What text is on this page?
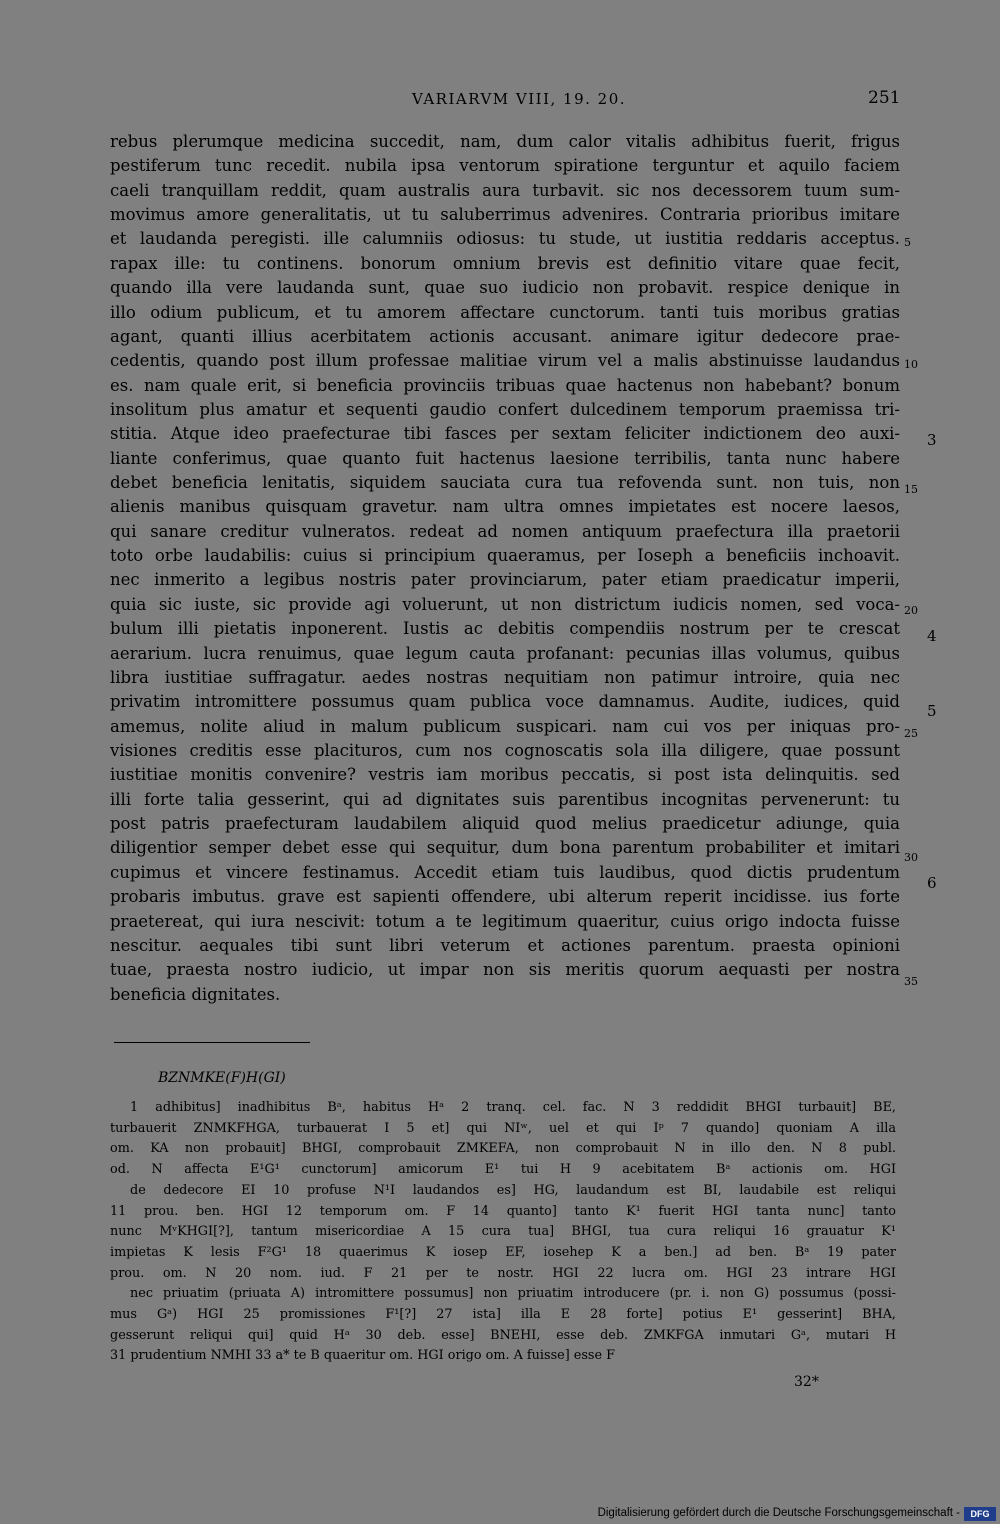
VARIARVM VIII, 19. 20.	251
rebus plerumque medicina succedit, nam, dum calor vitalis adhibitus fuerit, frigus
pestiferum tunc recedit. nubila ipsa ventorum spiratione terguntur et aquilo faciem
caeli tranquillam reddit, quam australis aura turbavit. sic nos decessorem tuum sum-
movimus amore generalitatis, ut tu saluberrimus advenires. Contraria prioribus imitare
et laudanda peregisti. ille calumniis odiosus: tu stude, ut iustitia reddaris acceptus.
rapax ille: tu continens. bonorum omnium brevis est definitio vitare quae fecit,
quando illa vere laudanda sunt, quae suo iudicio non probavit. respice denique in
illo odium publicum, et tu amorem affectare cunctorum. tanti tuis moribus gratias
agant, quanti illius acerbitatem actionis accusant. animare igitur dedecore prae-
cedentis, quando post illum professae malitiae virum vel a malis abstinuisse laudandus
es. nam quale erit, si beneficia provinciis tribuas quae hactenus non habebant? bonum
insolitum plus amatur et sequenti gaudio confert dulcedinem temporum praemissa tri-
stitia. Atque ideo praefecturae tibi fasces per sextam feliciter indictionem deo auxi-
liante conferimus, quae quanto fuit hactenus laesione terribilis, tanta nunc habere
debet beneficia lenitatis, siquidem sauciata cura tua refovenda sunt. non tuis, non
alienis manibus quisquam gravetur. nam ultra omnes impietates est nocere laesos,
qui sanare creditur vulneratos. redeat ad nomen antiquum praefectura illa praetorii
toto orbe laudabilis: cuius si principium quaeramus, per Ioseph a beneficiis inchoavit.
nec inmerito a legibus nostris pater provinciarum, pater etiam praedicatur imperii,
quia sic iuste, sic provide agi voluerunt, ut non districtum iudicis nomen, sed voca-
bulum illi pietatis inponerent. Iustis ac debitis compendiis nostrum per te crescat
aerarium. lucra renuimus, quae legum cauta profanant: pecunias illas volumus, quibus
libra iustitiae suffragatur. aedes nostras nequitiam non patimur introire, quia nec
privatim intromittere possumus quam publica voce damnamus. Audite, iudices, quid
amemus, nolite aliud in malum publicum suspicari. nam cui vos per iniquas pro-
visiones creditis esse placituros, cum nos cognoscatis sola illa diligere, quae possunt
iustitiae monitis convenire? vestris iam moribus peccatis, si post ista delinquitis. sed
illi forte talia gesserint, qui ad dignitates suis parentibus incognitas pervenerunt: tu
post patris praefecturam laudabilem aliquid quod melius praedicetur adiunge, quia
diligentior semper debet esse qui sequitur, dum bona parentum probabiliter et imitari
cupimus et vincere festinamus. Accedit etiam tuis laudibus, quod dictis prudentum
probaris imbutus. grave est sapienti offendere, ubi alterum reperit incidisse. ius forte
praetereat, qui iura nescivit: totum a te legitimum quaeritur, cuius origo indocta fuisse
nescitur. aequales tibi sunt libri veterum et actiones parentum. praesta opinioni
tuae, praesta nostro iudicio, ut impar non sis meritis quorum aequasti per nostra
beneficia dignitates.
5
10
15
20
25
30
35
3
4
5
6
BZNMKE(F)H(GI)
1 adhibitus] inadhibitus Bᵃ, habitus Hᵃ 2 tranq. cel. fac. N 3 reddidit BHGI turbauit] BE,
turbauerit ZNMKFHGA, turbauerat I 5 et] qui NIʷ, uel et qui Iᵖ 7 quando] quoniam A illa
om. KA non probauit] BHGI, comprobauit ZMKEFA, non comprobauit N in illo den. N 8 publ.
od. N affecta E¹G¹ cunctorum] amicorum E¹ tui H 9 acebitatem Bᵃ actionis om. HGI
de dedecore EI 10 profuse N¹I laudandos es] HG, laudandum est BI, laudabile est reliqui
11 prou. ben. HGI 12 temporum om. F 14 quanto] tanto K¹ fuerit HGI tanta nunc] tanto
nunc MᵛKHGI[?], tantum misericordiae A 15 cura tua] BHGI, tua cura reliqui 16 grauatur K¹
impietas K lesis F²G¹ 18 quaerimus K iosep EF, iosehep K a ben.] ad ben. Bᵃ 19 pater
prou. om. N 20 nom. iud. F 21 per te nostr. HGI 22 lucra om. HGI 23 intrare HGI
nec priuatim (priuata A) intromittere possumus] non priuatim introducere (pr. i. non G) possumus (possi-
mus Gᵃ) HGI 25 promissiones F¹[?] 27 ista] illa E 28 forte] potius E¹ gesserint] BHA,
gesserunt reliqui qui] quid Hᵃ 30 deb. esse] BNEHI, esse deb. ZMKFGA inmutari Gᵃ, mutari H
31 prudentium NMHI 33 a* te B quaeritur om. HGI origo om. A fuisse] esse F
32*
Digitalisierung gefördert durch die Deutsche Forschungsgemeinschaft -	DFG
